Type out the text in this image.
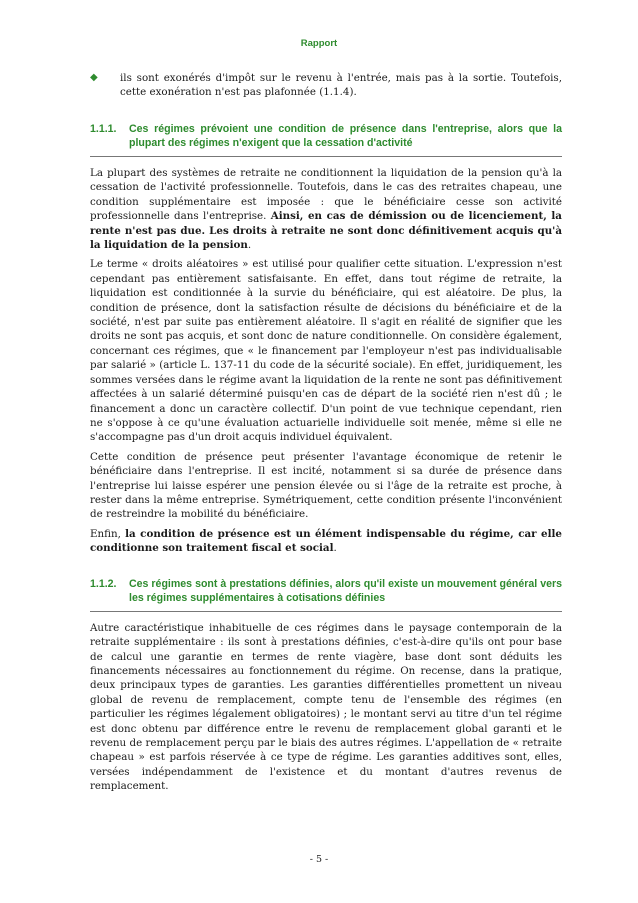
Rapport
◆ ils sont exonérés d'impôt sur le revenu à l'entrée, mais pas à la sortie. Toutefois, cette exonération n'est pas plafonnée (1.1.4).
1.1.1. Ces régimes prévoient une condition de présence dans l'entreprise, alors que la plupart des régimes n'exigent que la cessation d'activité

La plupart des systèmes de retraite ne conditionnent la liquidation de la pension qu'à la cessation de l'activité professionnelle. Toutefois, dans le cas des retraites chapeau, une condition supplémentaire est imposée : que le bénéficiaire cesse son activité professionnelle dans l'entreprise. Ainsi, en cas de démission ou de licenciement, la rente n'est pas due. Les droits à retraite ne sont donc définitivement acquis qu'à la liquidation de la pension.

Le terme « droits aléatoires » est utilisé pour qualifier cette situation. L'expression n'est cependant pas entièrement satisfaisante. En effet, dans tout régime de retraite, la liquidation est conditionnée à la survie du bénéficiaire, qui est aléatoire. De plus, la condition de présence, dont la satisfaction résulte de décisions du bénéficiaire et de la société, n'est par suite pas entièrement aléatoire. Il s'agit en réalité de signifier que les droits ne sont pas acquis, et sont donc de nature conditionnelle. On considère également, concernant ces régimes, que « le financement par l'employeur n'est pas individualisable par salarié » (article L. 137-11 du code de la sécurité sociale). En effet, juridiquement, les sommes versées dans le régime avant la liquidation de la rente ne sont pas définitivement affectées à un salarié déterminé puisqu'en cas de départ de la société rien n'est dû ; le financement a donc un caractère collectif. D'un point de vue technique cependant, rien ne s'oppose à ce qu'une évaluation actuarielle individuelle soit menée, même si elle ne s'accompagne pas d'un droit acquis individuel équivalent.

Cette condition de présence peut présenter l'avantage économique de retenir le bénéficiaire dans l'entreprise. Il est incité, notamment si sa durée de présence dans l'entreprise lui laisse espérer une pension élevée ou si l'âge de la retraite est proche, à rester dans la même entreprise. Symétriquement, cette condition présente l'inconvénient de restreindre la mobilité du bénéficiaire.

Enfin, la condition de présence est un élément indispensable du régime, car elle conditionne son traitement fiscal et social.

1.1.2. Ces régimes sont à prestations définies, alors qu'il existe un mouvement général vers les régimes supplémentaires à cotisations définies

Autre caractéristique inhabituelle de ces régimes dans le paysage contemporain de la retraite supplémentaire : ils sont à prestations définies, c'est-à-dire qu'ils ont pour base de calcul une garantie en termes de rente viagère, base dont sont déduits les financements nécessaires au fonctionnement du régime. On recense, dans la pratique, deux principaux types de garanties. Les garanties différentielles promettent un niveau global de revenu de remplacement, compte tenu de l'ensemble des régimes (en particulier les régimes légalement obligatoires) ; le montant servi au titre d'un tel régime est donc obtenu par différence entre le revenu de remplacement global garanti et le revenu de remplacement perçu par le biais des autres régimes. L'appellation de « retraite chapeau » est parfois réservée à ce type de régime. Les garanties additives sont, elles, versées indépendamment de l'existence et du montant d'autres revenus de remplacement.

- 5 -
